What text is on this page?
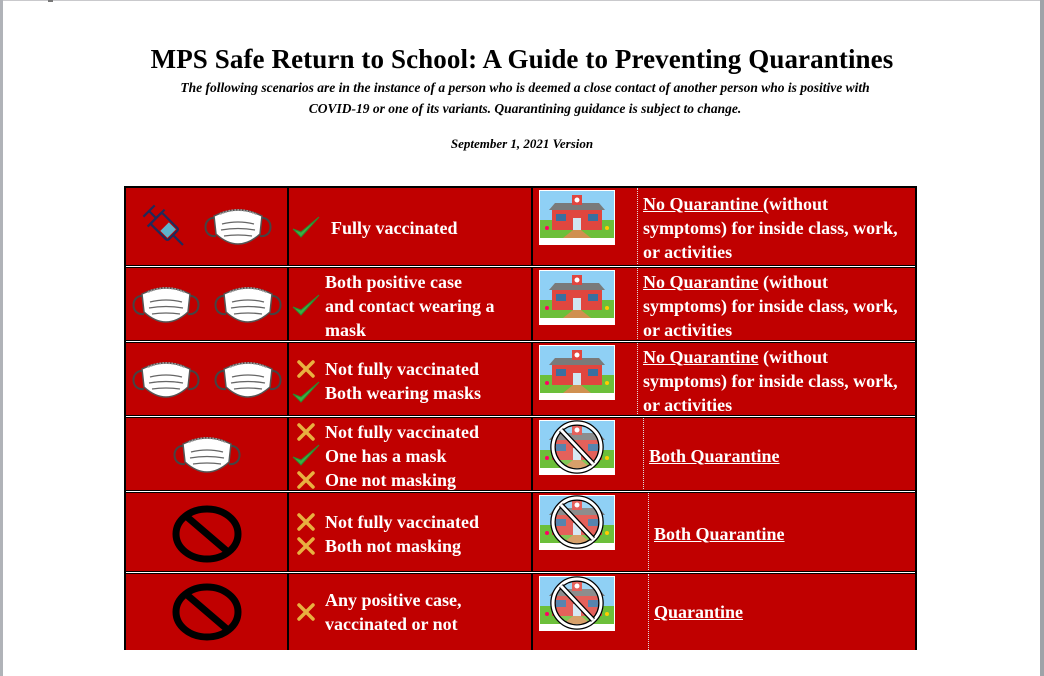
MPS Safe Return to School: A Guide to Preventing Quarantines
The following scenarios are in the instance of a person who is deemed a close contact of another person who is positive with
COVID-19 or one of its variants. Quarantining guidance is subject to change.
September 1, 2021 Version
Fully vaccinated
No Quarantine (without symptoms) for inside class, work, or activities
Both positive case
and contact wearing a
mask
No Quarantine (without symptoms) for inside class, work, or activities
Not fully vaccinated
Both wearing masks
No Quarantine (without symptoms) for inside class, work, or activities
Not fully vaccinated
One has a mask
One not masking
Both Quarantine
Not fully vaccinated
Both not masking
Both Quarantine
Any positive case,
vaccinated or not
Quarantine
